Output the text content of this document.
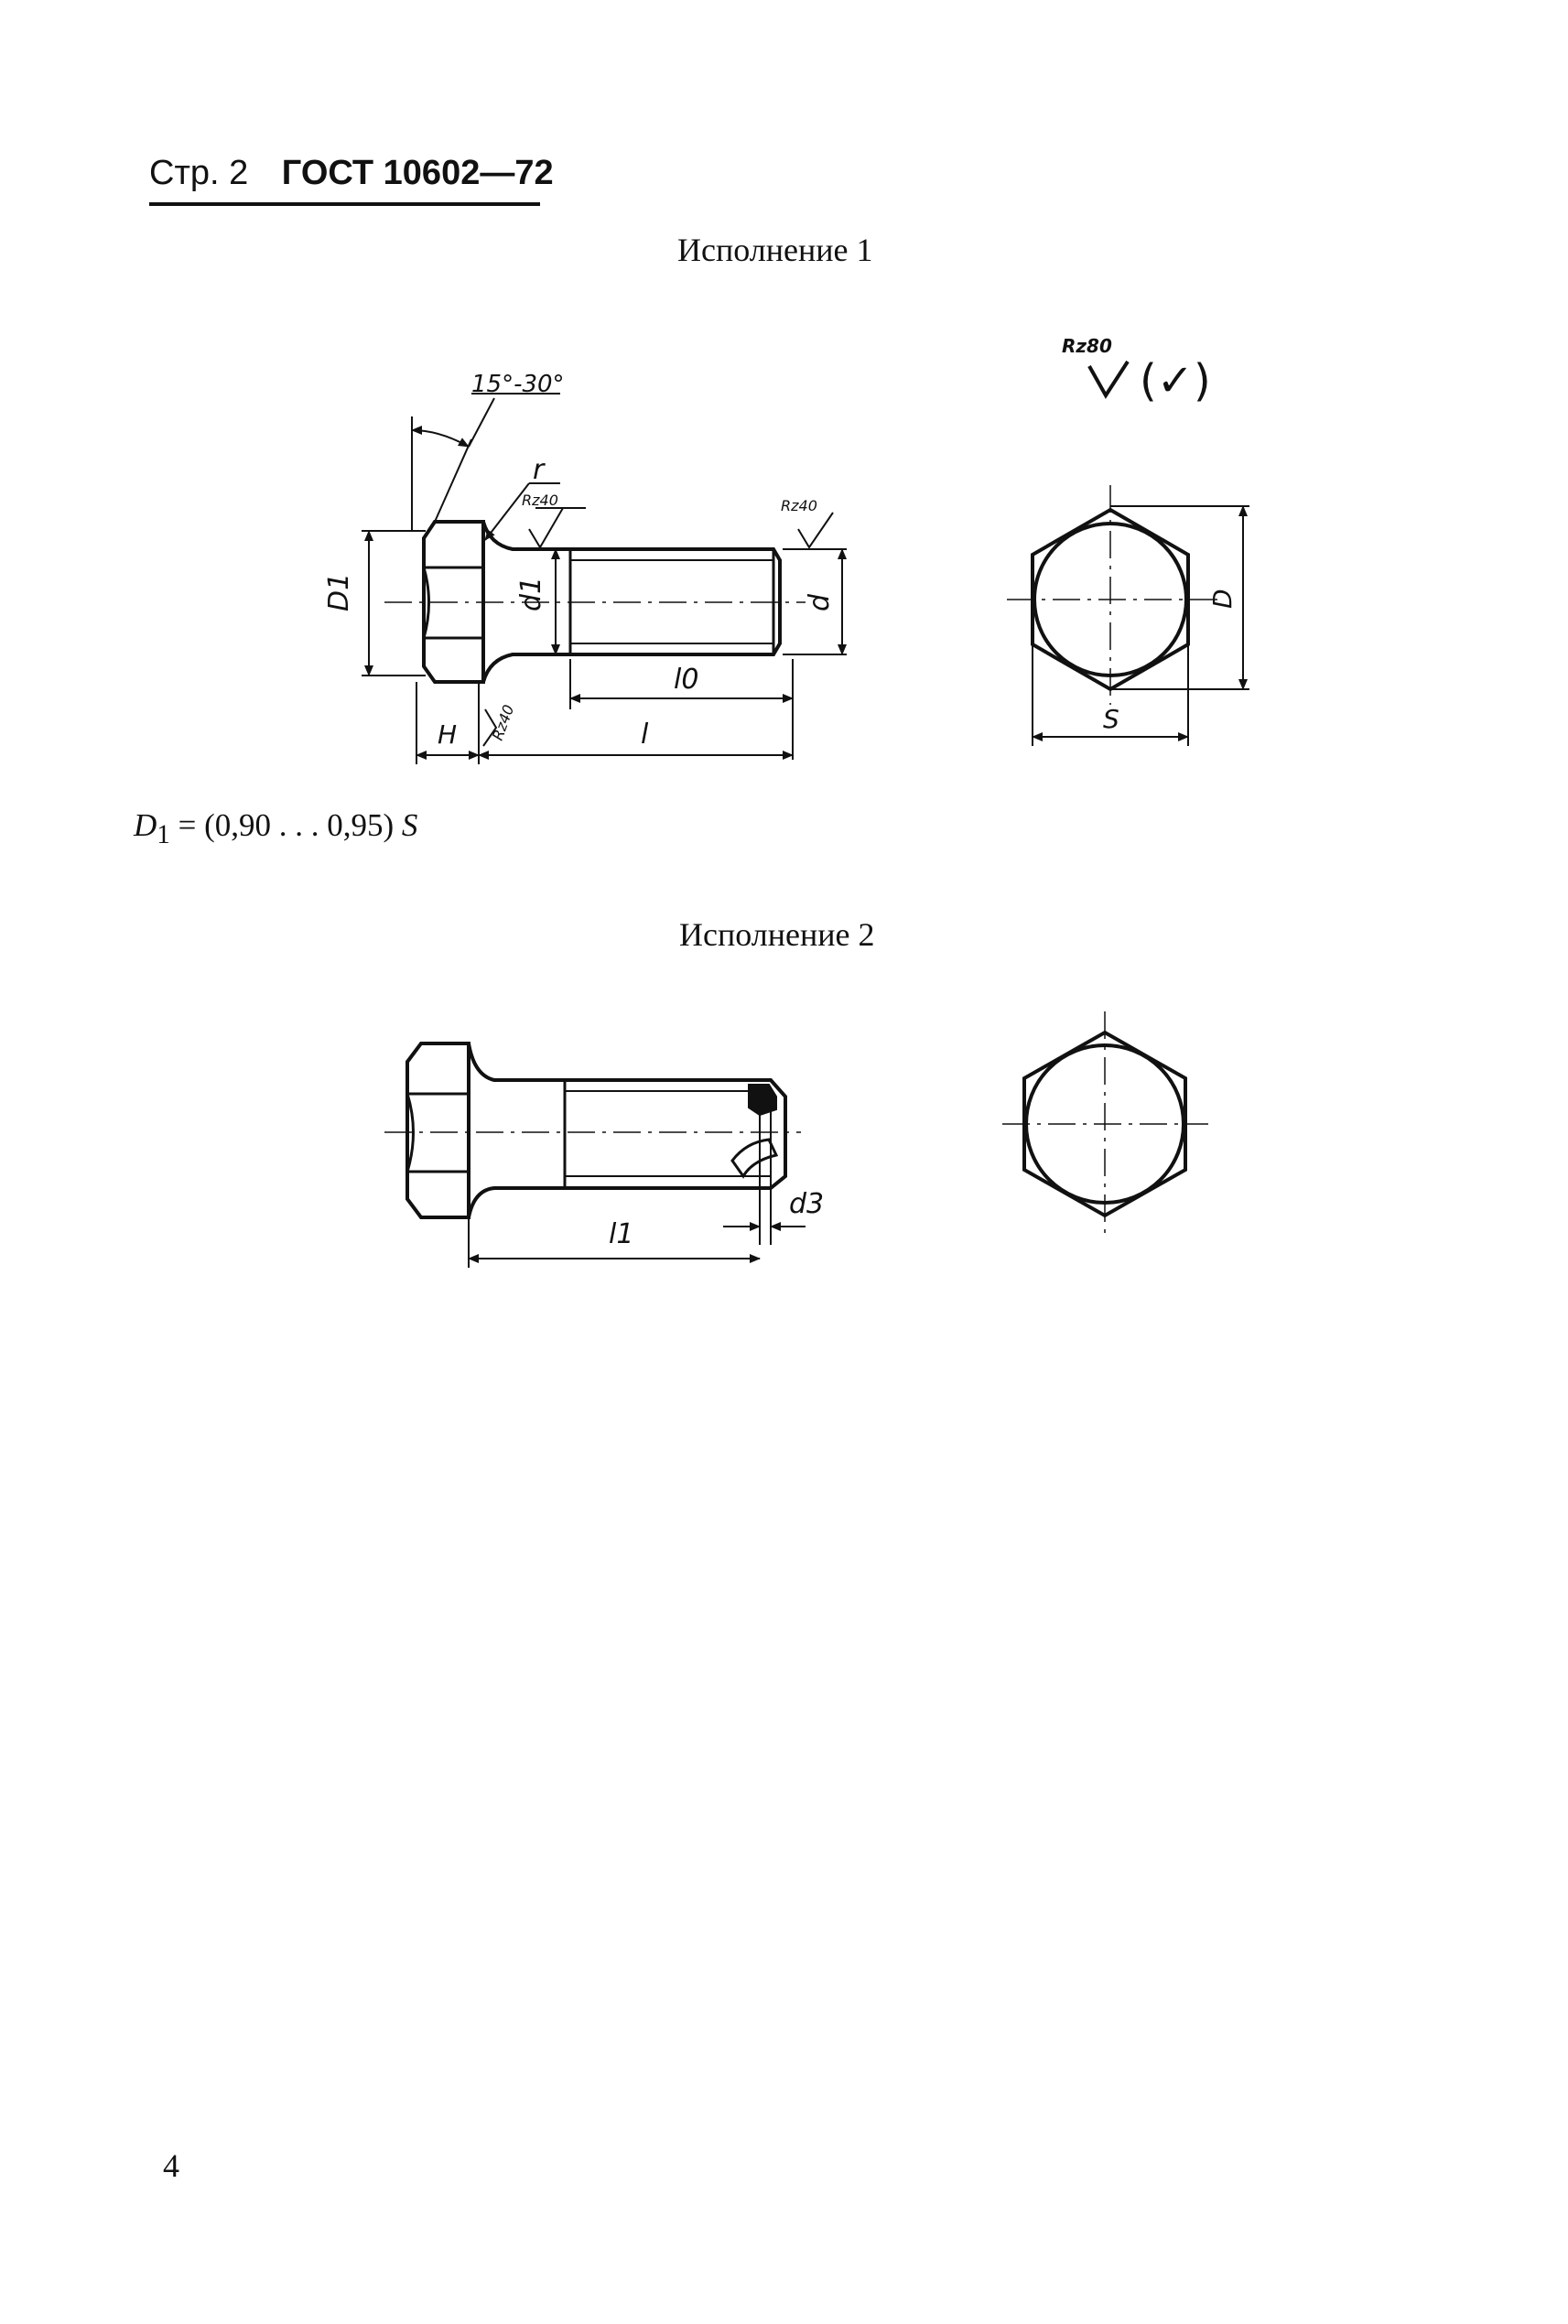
Стр. 2 ГОСТ 10602—72
Исполнение 1
Исполнение 2
$D_1 = (0,90$ . . . 0,95) S
4
15°-30°
r
Rz40	Rz40
Rz40
D1	d1	d
l0
l
H
Rz80
(✓)
D
S
l1
d3
